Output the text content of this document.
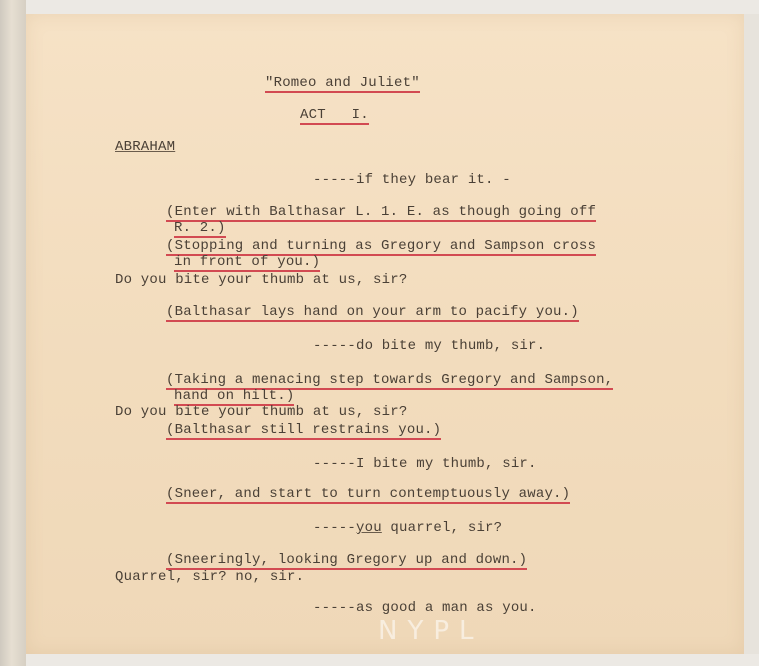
"Romeo and Juliet"
ACT   I.
ABRAHAM
-----if they bear it. -
(Enter with Balthasar L. 1. E. as though going off
R. 2.)
(Stopping and turning as Gregory and Sampson cross
in front of you.)
Do you bite your thumb at us, sir?
(Balthasar lays hand on your arm to pacify you.)
-----do bite my thumb, sir.
(Taking a menacing step towards Gregory and Sampson,
hand on hilt.)
Do you bite your thumb at us, sir?
(Balthasar still restrains you.)
-----I bite my thumb, sir.
(Sneer, and start to turn contemptuously away.)
-----you quarrel, sir?
(Sneeringly, looking Gregory up and down.)
Quarrel, sir? no, sir.
-----as good a man as you.
NYPL
